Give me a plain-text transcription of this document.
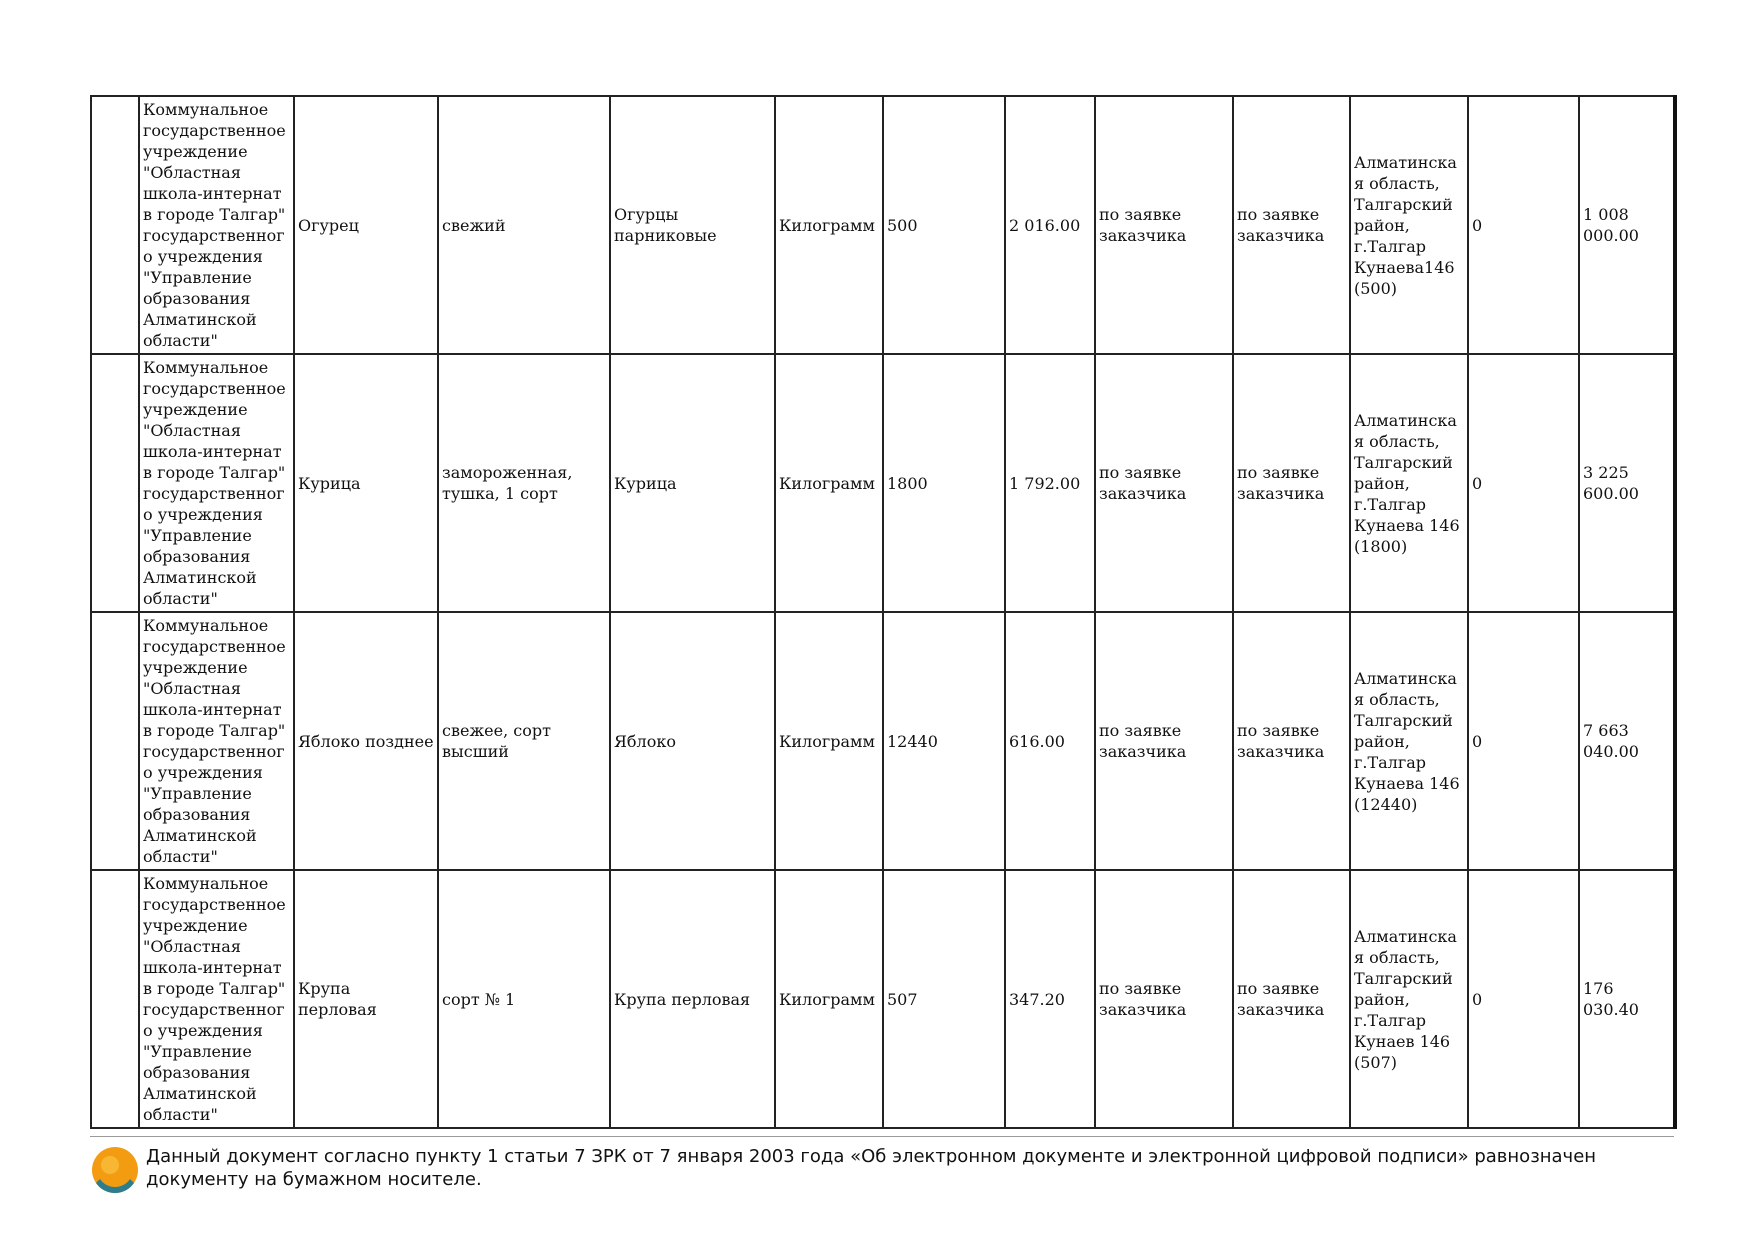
	Коммунальное государственное учреждение "Областная школа-интернат в городе Талгар" государственного учреждения "Управление образования Алматинской области"	Огурец	свежий	Огурцы парниковые	Килограмм	500	2 016.00	по заявке заказчика	по заявке заказчика	Алматинская область, Талгарский район, г.Талгар Кунаева146 (500)	0	1 008 000.00
	Коммунальное государственное учреждение "Областная школа-интернат в городе Талгар" государственного учреждения "Управление образования Алматинской области"	Курица	замороженная, тушка, 1 сорт	Курица	Килограмм	1800	1 792.00	по заявке заказчика	по заявке заказчика	Алматинская область, Талгарский район, г.Талгар Кунаева 146 (1800)	0	3 225 600.00
	Коммунальное государственное учреждение "Областная школа-интернат в городе Талгар" государственного учреждения "Управление образования Алматинской области"	Яблоко позднее	свежее, сорт высший	Яблоко	Килограмм	12440	616.00	по заявке заказчика	по заявке заказчика	Алматинская область, Талгарский район, г.Талгар Кунаева 146 (12440)	0	7 663 040.00
	Коммунальное государственное учреждение "Областная школа-интернат в городе Талгар" государственного учреждения "Управление образования Алматинской области"	Крупа перловая	сорт № 1	Крупа перловая	Килограмм	507	347.20	по заявке заказчика	по заявке заказчика	Алматинская область, Талгарский район, г.Талгар Кунаев 146 (507)	0	176 030.40
Данный документ согласно пункту 1 статьи 7 ЗРК от 7 января 2003 года «Об электронном документе и электронной цифровой подписи» равнозначен документу на бумажном носителе.
